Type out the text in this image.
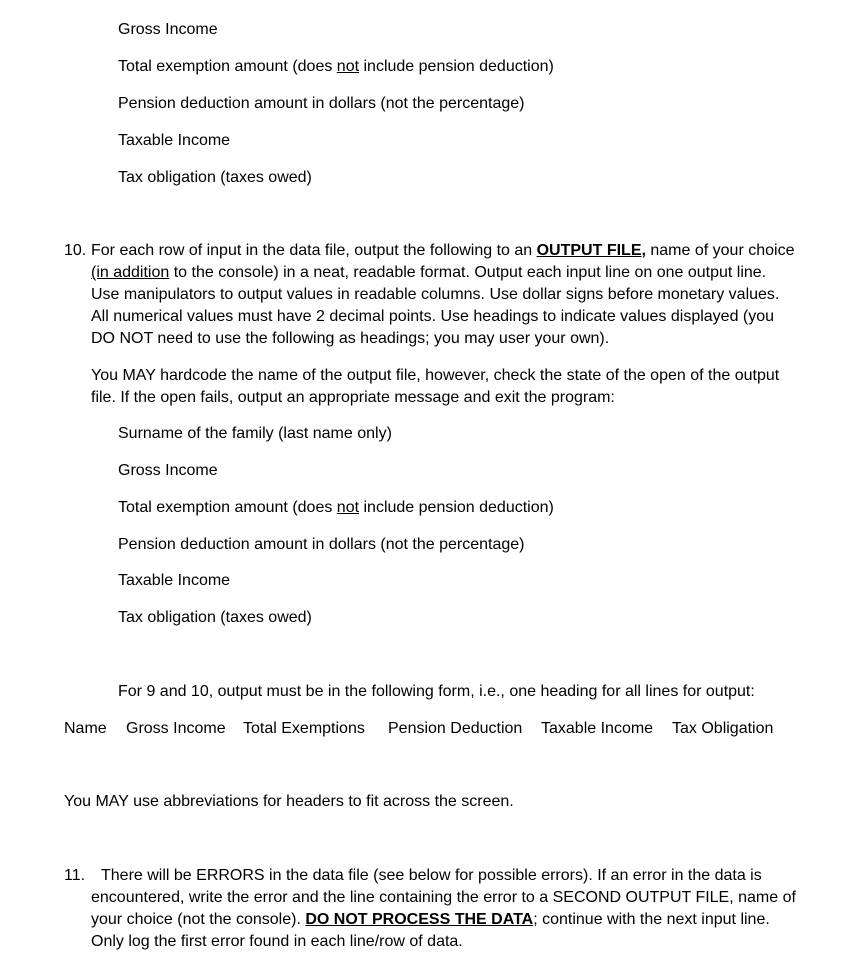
Gross Income
Total exemption amount (does not include pension deduction)
Pension deduction amount in dollars (not the percentage)
Taxable Income
Tax obligation (taxes owed)
10. For each row of input in the data file, output the following to an OUTPUT FILE, name of your choice
(in addition to the console) in a neat, readable format. Output each input line on one output line.
Use manipulators to output values in readable columns. Use dollar signs before monetary values.
All numerical values must have 2 decimal points. Use headings to indicate values displayed (you
DO NOT need to use the following as headings; you may user your own).
You MAY hardcode the name of the output file, however, check the state of the open of the output
file. If the open fails, output an appropriate message and exit the program:
Surname of the family (last name only)
Gross Income
Total exemption amount (does not include pension deduction)
Pension deduction amount in dollars (not the percentage)
Taxable Income
Tax obligation (taxes owed)
For 9 and 10, output must be in the following form, i.e., one heading for all lines for output:
Name Gross Income Total Exemptions Pension Deduction Taxable Income Tax Obligation
You MAY use abbreviations for headers to fit across the screen.
11. There will be ERRORS in the data file (see below for possible errors). If an error in the data is
encountered, write the error and the line containing the error to a SECOND OUTPUT FILE, name of
your choice (not the console). DO NOT PROCESS THE DATA; continue with the next input line.
Only log the first error found in each line/row of data.
